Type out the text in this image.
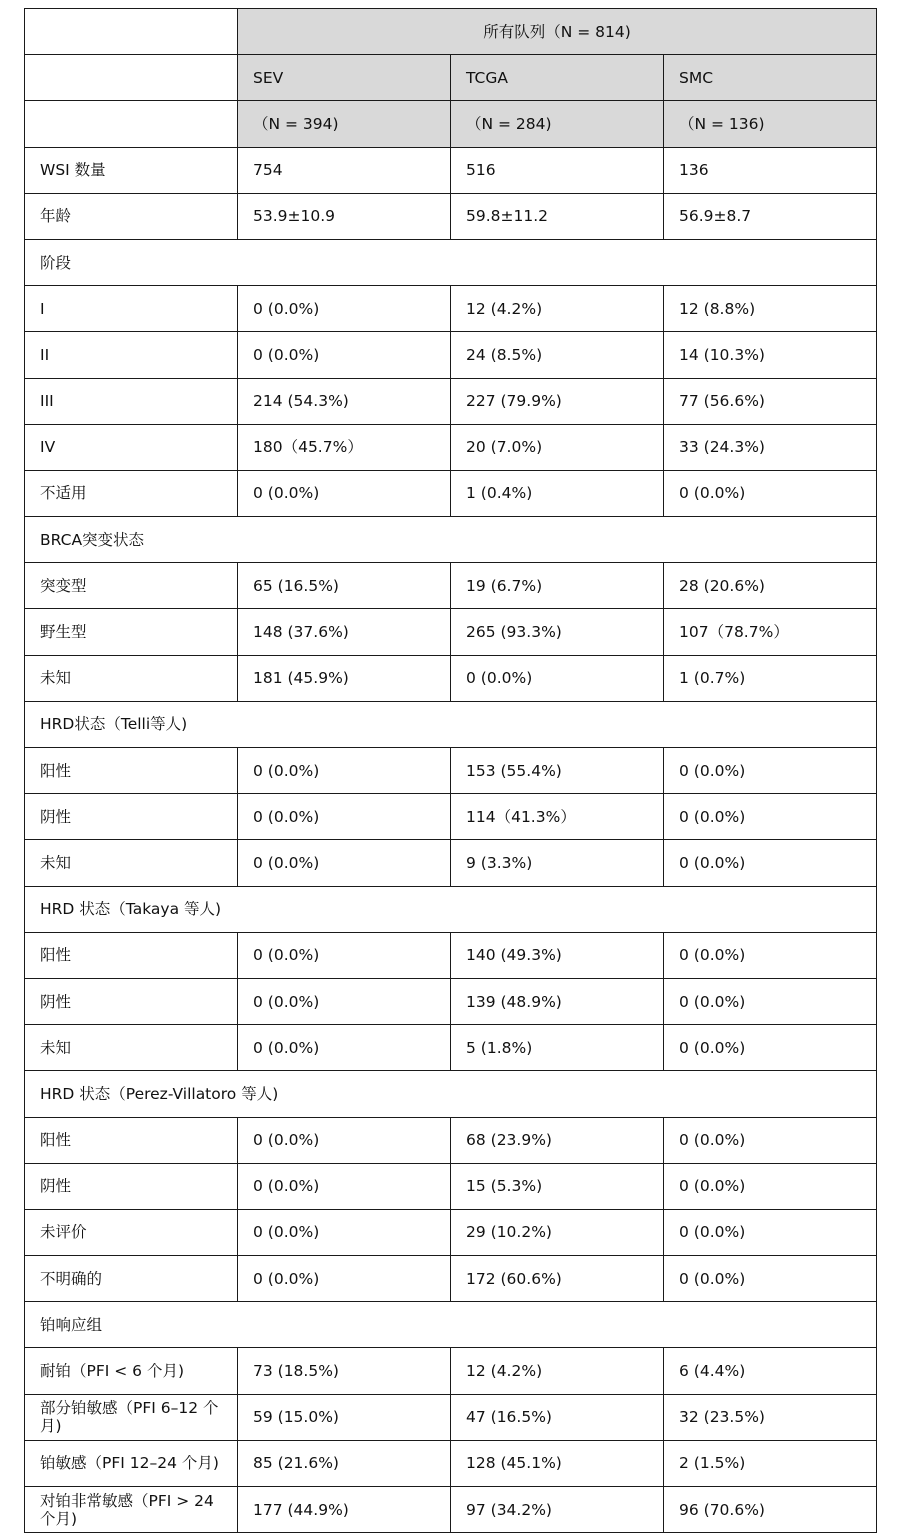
	所有队列（N = 814)		
	SEV	TCGA	SMC
	（N = 394)	（N = 284)	（N = 136)
WSI 数量	754	516	136
年龄	53.9±10.9	59.8±11.2	56.9±8.7
阶段			
I	0 (0.0%)	12 (4.2%)	12 (8.8%)
II	0 (0.0%)	24 (8.5%)	14 (10.3%)
III	214 (54.3%)	227 (79.9%)	77 (56.6%)
IV	180（45.7%）	20 (7.0%)	33 (24.3%)
不适用	0 (0.0%)	1 (0.4%)	0 (0.0%)
BRCA突变状态			
突变型	65 (16.5%)	19 (6.7%)	28 (20.6%)
野生型	148 (37.6%)	265 (93.3%)	107（78.7%）
未知	181 (45.9%)	0 (0.0%)	1 (0.7%)
HRD状态（Telli等人)			
阳性	0 (0.0%)	153 (55.4%)	0 (0.0%)
阴性	0 (0.0%)	114（41.3%）	0 (0.0%)
未知	0 (0.0%)	9 (3.3%)	0 (0.0%)
HRD 状态（Takaya 等人)			
阳性	0 (0.0%)	140 (49.3%)	0 (0.0%)
阴性	0 (0.0%)	139 (48.9%)	0 (0.0%)
未知	0 (0.0%)	5 (1.8%)	0 (0.0%)
HRD 状态（Perez-Villatoro 等人)			
阳性	0 (0.0%)	68 (23.9%)	0 (0.0%)
阴性	0 (0.0%)	15 (5.3%)	0 (0.0%)
未评价	0 (0.0%)	29 (10.2%)	0 (0.0%)
不明确的	0 (0.0%)	172 (60.6%)	0 (0.0%)
铂响应组			
耐铂（PFI < 6 个月)	73 (18.5%)	12 (4.2%)	6 (4.4%)
部分铂敏感（PFI 6–12 个月)	59 (15.0%)	47 (16.5%)	32 (23.5%)
铂敏感（PFI 12–24 个月)	85 (21.6%)	128 (45.1%)	2 (1.5%)
对铂非常敏感（PFI > 24 个月)	177 (44.9%)	97 (34.2%)	96 (70.6%)
